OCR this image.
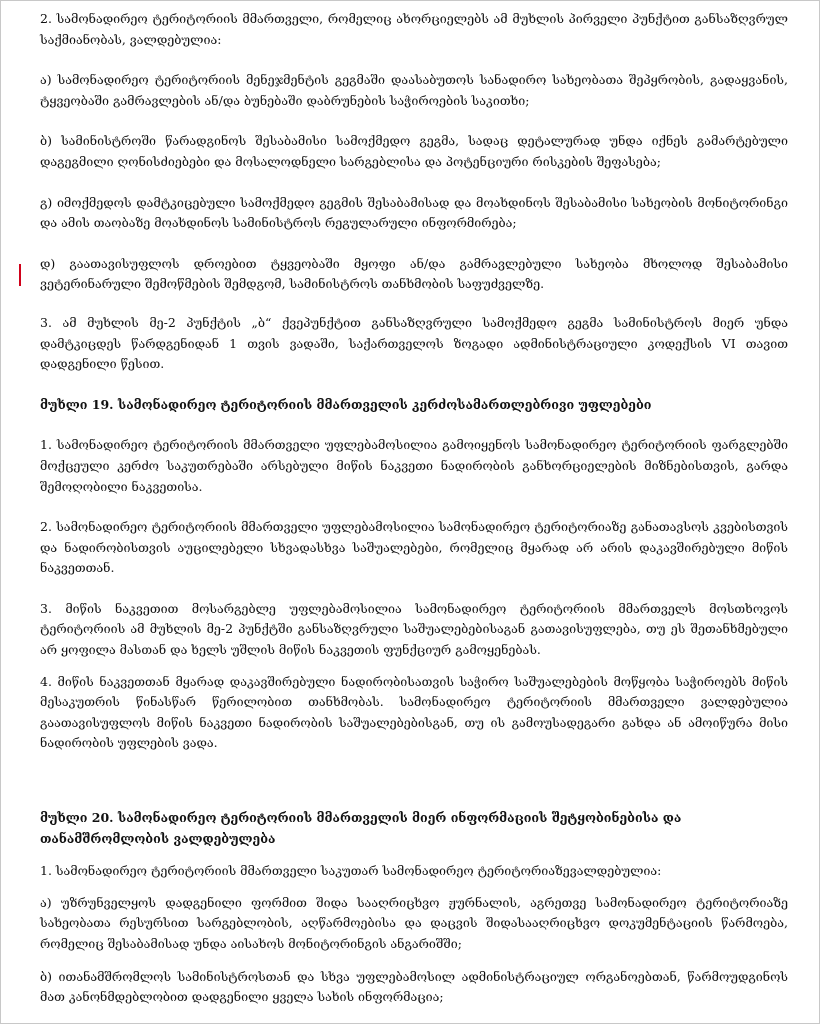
2. სამონადირეო ტერიტორიის მმართველი, რომელიც ახორციელებს ამ მუხლის პირველი პუნქტით განსაზღვრულ საქმიანობას, ვალდებულია:

ა) სამონადირეო ტერიტორიის მენეჯმენტის გეგმაში დაასაბუთოს სანადირო სახეობათა შეპყრობის, გადაყვანის, ტყვეობაში გამრავლების ან/და ბუნებაში დაბრუნების საჭიროების საკითხი;

ბ) სამინისტროში წარადგინოს შესაბამისი სამოქმედო გეგმა, სადაც დეტალურად უნდა იქნეს გამარტებული დაგეგმილი ღონისძიებები და მოსალოდნელი სარგებლისა და პოტენციური რისკების შეფასება;

გ) იმოქმედოს დამტკიცებული სამოქმედო გეგმის შესაბამისად და მოახდინოს შესაბამისი სახეობის მონიტორინგი და ამის თაობაზე მოახდინოს სამინისტროს რეგულარული ინფორმირება;

დ) გაათავისუფლოს დროებით ტყვეობაში მყოფი ან/და გამრავლებული სახეობა მხოლოდ შესაბამისი ვეტერინარული შემოწმების შემდგომ, სამინისტროს თანხმობის საფუძველზე.

3. ამ მუხლის მე-2 პუნქტის „ბ“ ქვეპუნქტით განსაზღვრული სამოქმედო გეგმა სამინისტროს მიერ უნდა დამტკიცდეს წარდგენიდან 1 თვის ვადაში, საქართველოს ზოგადი ადმინისტრაციული კოდექსის VI თავით დადგენილი წესით.

მუხლი 19. სამონადირეო ტერიტორიის მმართველის კერძოსამართლებრივი უფლებები

1. სამონადირეო ტერიტორიის მმართველი უფლებამოსილია გამოიყენოს სამონადირეო ტერიტორიის ფარგლებში მოქცეული კერძო საკუთრებაში არსებული მიწის ნაკვეთი ნადირობის განხორციელების მიზნებისთვის, გარდა შემოღობილი ნაკვეთისა.

2. სამონადირეო ტერიტორიის მმართველი უფლებამოსილია სამონადირეო ტერიტორიაზე განათავსოს კვებისთვის და ნადირობისთვის აუცილებელი სხვადასხვა საშუალებები, რომელიც მყარად არ არის დაკავშირებული მიწის ნაკვეთთან.

3. მიწის ნაკვეთით მოსარგებლე უფლებამოსილია სამონადირეო ტერიტორიის მმართველს მოსთხოვოს ტერიტორიის ამ მუხლის მე-2 პუნქტში განსაზღვრული საშუალებებისაგან გათავისუფლება, თუ ეს შეთანხმებული არ ყოფილა მასთან და ხელს უშლის მიწის ნაკვეთის ფუნქციურ გამოყენებას.

4. მიწის ნაკვეთთან მყარად დაკავშირებული ნადირობისათვის საჭირო საშუალებების მოწყობა საჭიროებს მიწის მესაკუთრის წინასწარ წერილობით თანხმობას. სამონადირეო ტერიტორიის მმართველი ვალდებულია გაათავისუფლოს მიწის ნაკვეთი ნადირობის საშუალებებისგან, თუ ის გამოუსადეგარი გახდა ან ამოიწურა მისი ნადირობის უფლების ვადა.

მუხლი 20. სამონადირეო ტერიტორიის მმართველის მიერ ინფორმაციის შეტყობინებისა და თანამშრომლობის ვალდებულება

1. სამონადირეო ტერიტორიის მმართველი საკუთარ სამონადირეო ტერიტორიაზევალდებულია:

ა) უზრუნველყოს დადგენილი ფორმით შიდა სააღრიცხვო ჟურნალის, აგრეთვე სამონადირეო ტერიტორიაზე სახეობათა რესურსით სარგებლობის, აღწარმოებისა და დაცვის შიდასააღრიცხვო დოკუმენტაციის წარმოება, რომელიც შესაბამისად უნდა აისახოს მონიტორინგის ანგარიშში;

ბ) ითანამშრომლოს სამინისტროსთან და სხვა უფლებამოსილ ადმინისტრაციულ ორგანოებთან, წარმოუდგინოს მათ კანონმდებლობით დადგენილი ყველა სახის ინფორმაცია;
